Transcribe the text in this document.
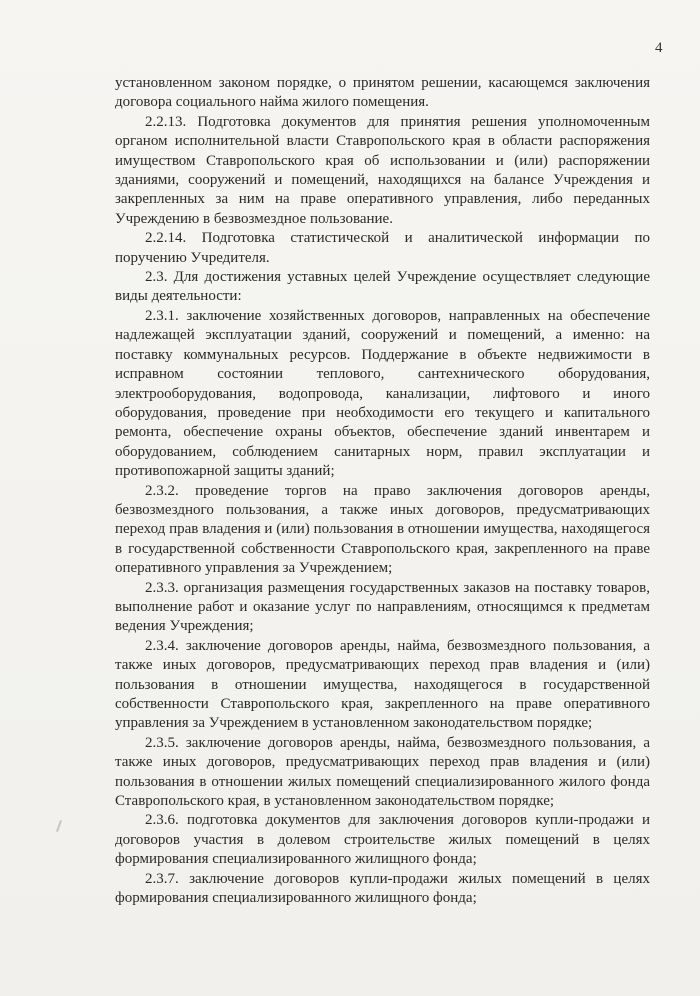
4

установленном законом порядке, о принятом решении, касающемся заключения договора социального найма жилого помещения.

2.2.13. Подготовка документов для принятия решения уполномоченным органом исполнительной власти Ставропольского края в области распоряжения имуществом Ставропольского края об использовании и (или) распоряжении зданиями, сооружений и помещений, находящихся на балансе Учреждения и закрепленных за ним на праве оперативного управления, либо переданных Учреждению в безвозмездное пользование.

2.2.14. Подготовка статистической и аналитической информации по поручению Учредителя.

2.3. Для достижения уставных целей Учреждение осуществляет следующие виды деятельности:

2.3.1. заключение хозяйственных договоров, направленных на обеспечение надлежащей эксплуатации зданий, сооружений и помещений, а именно: на поставку коммунальных ресурсов. Поддержание в объекте недвижимости в исправном состоянии теплового, сантехнического оборудования, электрооборудования, водопровода, канализации, лифтового и иного оборудования, проведение при необходимости его текущего и капитального ремонта, обеспечение охраны объектов, обеспечение зданий инвентарем и оборудованием, соблюдением санитарных норм, правил эксплуатации и противопожарной защиты зданий;

2.3.2. проведение торгов на право заключения договоров аренды, безвозмездного пользования, а также иных договоров, предусматривающих переход прав владения и (или) пользования в отношении имущества, находящегося в государственной собственности Ставропольского края, закрепленного на праве оперативного управления за Учреждением;

2.3.3. организация размещения государственных заказов на поставку товаров, выполнение работ и оказание услуг по направлениям, относящимся к предметам ведения Учреждения;

2.3.4. заключение договоров аренды, найма, безвозмездного пользования, а также иных договоров, предусматривающих переход прав владения и (или) пользования в отношении имущества, находящегося в государственной собственности Ставропольского края, закрепленного на праве оперативного управления за Учреждением в установленном законодательством порядке;

2.3.5. заключение договоров аренды, найма, безвозмездного пользования, а также иных договоров, предусматривающих переход прав владения и (или) пользования в отношении жилых помещений специализированного жилого фонда Ставропольского края, в установленном законодательством порядке;

2.3.6. подготовка документов для заключения договоров купли-продажи и договоров участия в долевом строительстве жилых помещений в целях формирования специализированного жилищного фонда;

2.3.7. заключение договоров купли-продажи жилых помещений в целях формирования специализированного жилищного фонда;
